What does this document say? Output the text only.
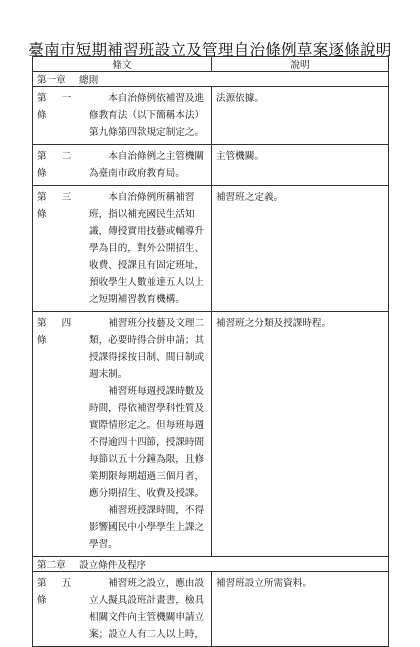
臺南市短期補習班設立及管理自治條例草案逐條說明
條文	說明
第一章 總則	

第 一 條
本自治條例依補習及進修教育法（以下簡稱本法）第九條第四款規定制定之。	法源依據。

第 二 條
本自治條例之主管機關為臺南市政府教育局。	主管機關。

第 三 條
本自治條例所稱補習班，指以補充國民生活知識，傳授實用技藝或輔導升學為目的，對外公開招生、收費、授課且有固定班址，預收學生人數並達五人以上之短期補習教育機構。	補習班之定義。

第 四 條
補習班分技藝及文理二類，必要時得合併申請；其授課得採按日制、間日制或週末制。
補習班每週授課時數及時間，得依補習學科性質及實際情形定之。但每班每週不得逾四十四節，授課時間每節以五十分鐘為限，且修業期限每期超過三個月者，應分期招生、收費及授課。
補習班授課時間，不得影響國民中小學學生上課之學習。	補習班之分類及授課時程。

第二章 設立條件及程序	

第 五 條
補習班之設立，應由設立人擬具設班計畫書，檢具相關文件向主管機關申請立案；設立人有二人以上時，	補習班設立所需資料。
